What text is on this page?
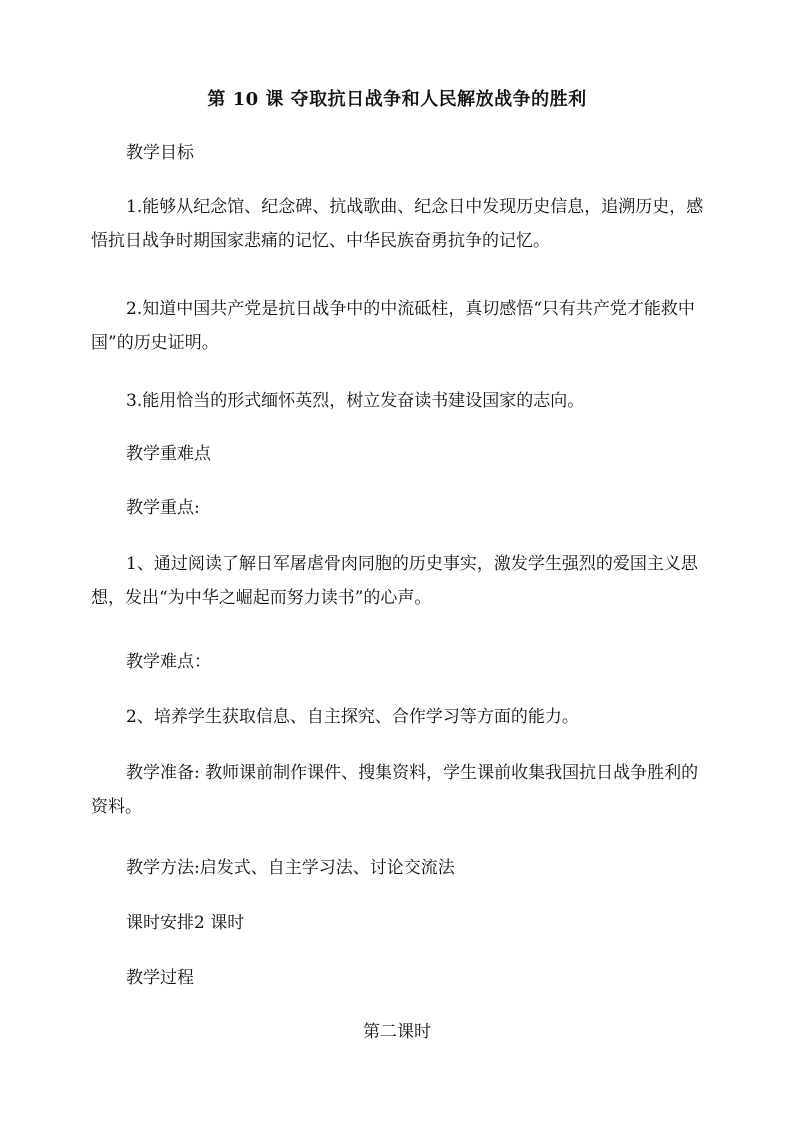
第 10 课 夺取抗日战争和人民解放战争的胜利
教学目标
1.能够从纪念馆、纪念碑、抗战歌曲、纪念日中发现历史信息，追溯历史，感悟抗日战争时期国家悲痛的记忆、中华民族奋勇抗争的记忆。
2.知道中国共产党是抗日战争中的中流砥柱，真切感悟“只有共产党才能救中国”的历史证明。
3.能用恰当的形式缅怀英烈，树立发奋读书建设国家的志向。
教学重难点
教学重点:
1、通过阅读了解日军屠虐骨肉同胞的历史事实，激发学生强烈的爱国主义思想，发出“为中华之崛起而努力读书”的心声。
教学难点：
2、培养学生获取信息、自主探究、合作学习等方面的能力。
教学准备: 教师课前制作课件、搜集资料，学生课前收集我国抗日战争胜利的资料。
教学方法:启发式、自主学习法、讨论交流法
课时安排2 课时
教学过程
第二课时
